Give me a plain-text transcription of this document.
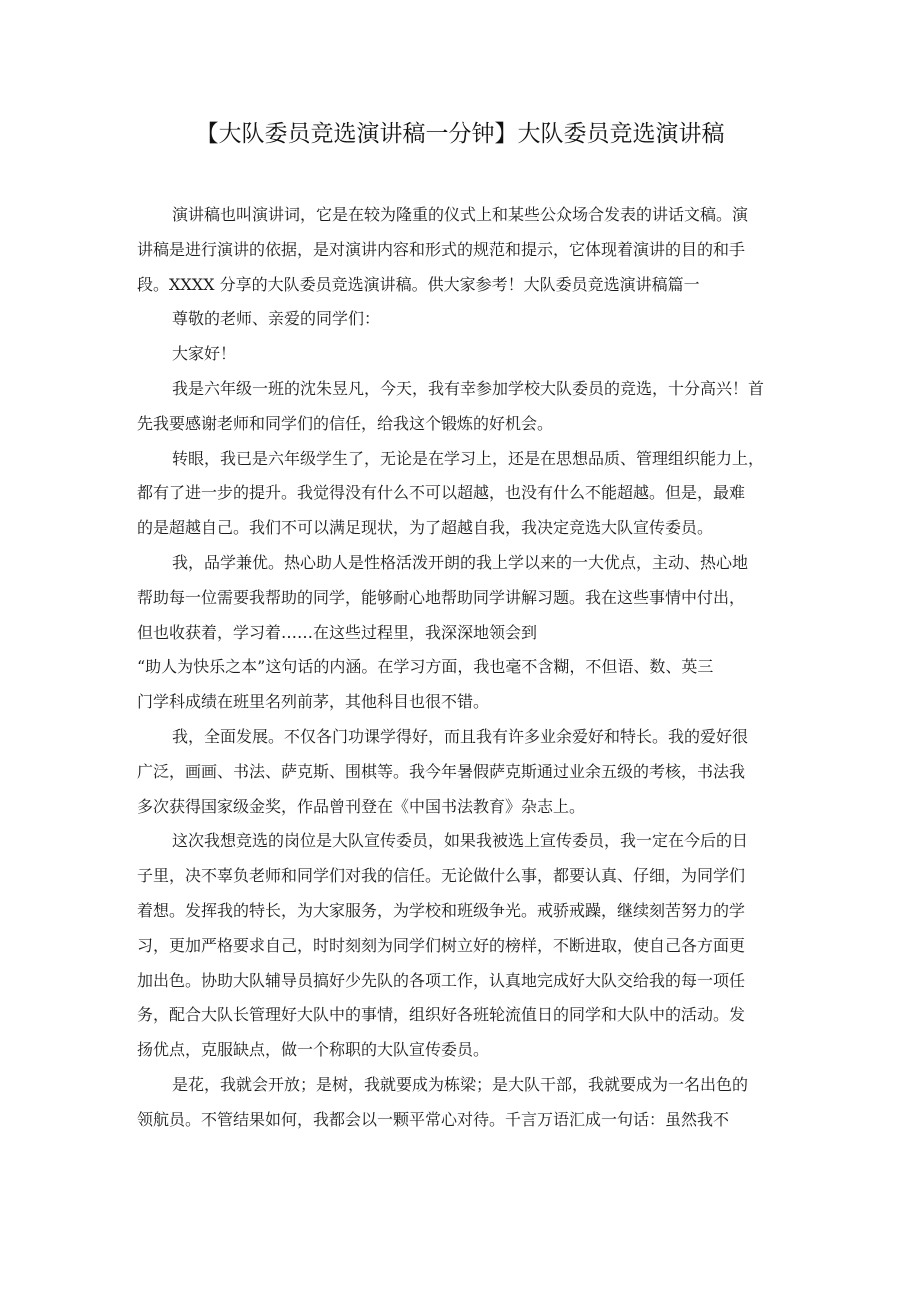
【大队委员竞选演讲稿一分钟】大队委员竞选演讲稿
演讲稿也叫演讲词，它是在较为隆重的仪式上和某些公众场合发表的讲话文稿。演
讲稿是进行演讲的依据，是对演讲内容和形式的规范和提示，它体现着演讲的目的和手
段。XXXX 分享的大队委员竞选演讲稿。供大家参考！大队委员竞选演讲稿篇一
尊敬的老师、亲爱的同学们：
大家好！
我是六年级一班的沈朱昱凡，今天，我有幸参加学校大队委员的竞选，十分高兴！首
先我要感谢老师和同学们的信任，给我这个锻炼的好机会。
转眼，我已是六年级学生了，无论是在学习上，还是在思想品质、管理组织能力上，
都有了进一步的提升。我觉得没有什么不可以超越，也没有什么不能超越。但是，最难
的是超越自己。我们不可以满足现状，为了超越自我，我决定竞选大队宣传委员。
我，品学兼优。热心助人是性格活泼开朗的我上学以来的一大优点，主动、热心地
帮助每一位需要我帮助的同学，能够耐心地帮助同学讲解习题。我在这些事情中付出，
但也收获着，学习着……在这些过程里，我深深地领会到
“助人为快乐之本”这句话的内涵。在学习方面，我也毫不含糊，不但语、数、英三
门学科成绩在班里名列前茅，其他科目也很不错。
我，全面发展。不仅各门功课学得好，而且我有许多业余爱好和特长。我的爱好很
广泛，画画、书法、萨克斯、围棋等。我今年暑假萨克斯通过业余五级的考核，书法我
多次获得国家级金奖，作品曾刊登在《中国书法教育》杂志上。
这次我想竞选的岗位是大队宣传委员，如果我被选上宣传委员，我一定在今后的日
子里，决不辜负老师和同学们对我的信任。无论做什么事，都要认真、仔细，为同学们
着想。发挥我的特长，为大家服务，为学校和班级争光。戒骄戒躁，继续刻苦努力的学
习，更加严格要求自己，时时刻刻为同学们树立好的榜样，不断进取，使自己各方面更
加出色。协助大队辅导员搞好少先队的各项工作，认真地完成好大队交给我的每一项任
务，配合大队长管理好大队中的事情，组织好各班轮流值日的同学和大队中的活动。发
扬优点，克服缺点，做一个称职的大队宣传委员。
是花，我就会开放；是树，我就要成为栋梁；是大队干部，我就要成为一名出色的
领航员。不管结果如何，我都会以一颗平常心对待。千言万语汇成一句话：虽然我不
